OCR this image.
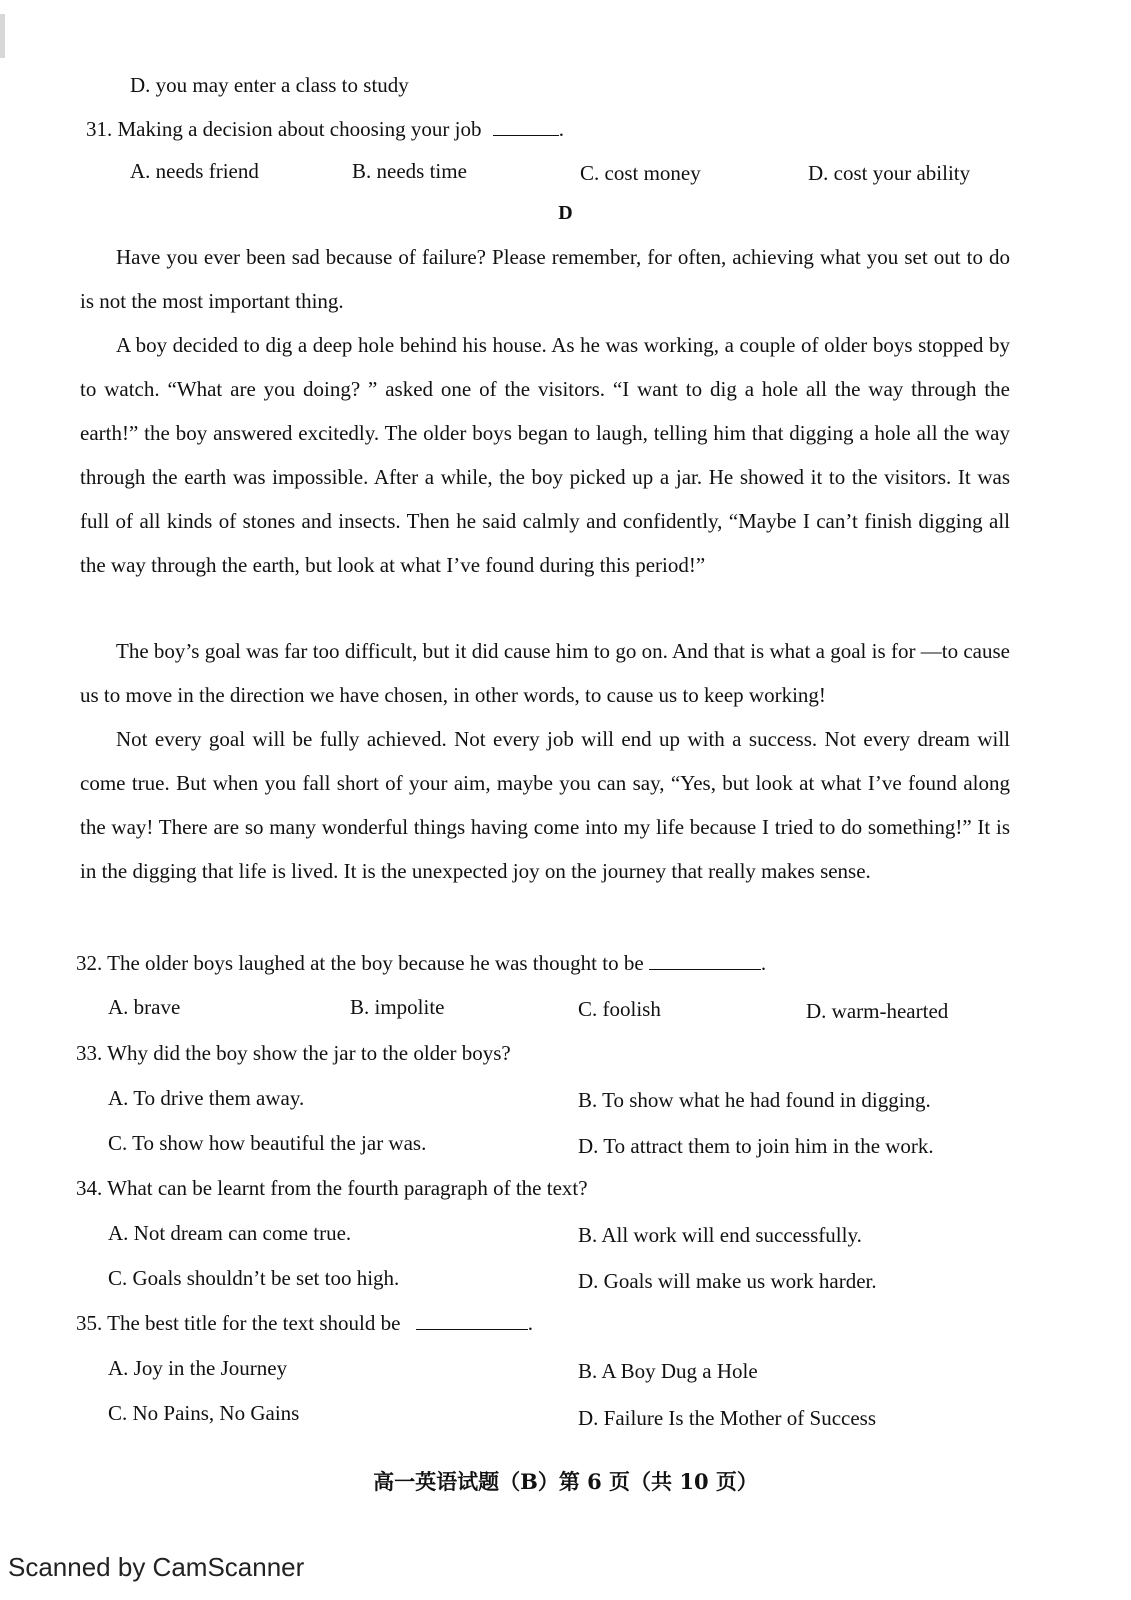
D. you may enter a class to study
31. Making a decision about choosing your job	.
A. needs friend	B. needs time	C. cost money	D. cost your ability
D
Have you ever been sad because of failure? Please remember, for often, achieving what you set out to do is not the most important thing.
A boy decided to dig a deep hole behind his house. As he was working, a couple of older boys stopped by to watch. “What are you doing? ” asked one of the visitors. “I want to dig a hole all the way through the earth!” the boy answered excitedly. The older boys began to laugh, telling him that digging a hole all the way through the earth was impossible. After a while, the boy picked up a jar. He showed it to the visitors. It was full of all kinds of stones and insects. Then he said calmly and confidently, “Maybe I can’t finish digging all the way through the earth, but look at what I’ve found during this period!”
The boy’s goal was far too difficult, but it did cause him to go on. And that is what a goal is for —to cause us to move in the direction we have chosen, in other words, to cause us to keep working!
Not every goal will be fully achieved. Not every job will end up with a success. Not every dream will come true. But when you fall short of your aim, maybe you can say, “Yes, but look at what I’ve found along the way! There are so many wonderful things having come into my life because I tried to do something!” It is in the digging that life is lived. It is the unexpected joy on the journey that really makes sense.
32. The older boys laughed at the boy because he was thought to be	.
A. brave	B. impolite	C. foolish	D. warm-hearted
33. Why did the boy show the jar to the older boys?
A. To drive them away.	B. To show what he had found in digging.
C. To show how beautiful the jar was.	D. To attract them to join him in the work.
34. What can be learnt from the fourth paragraph of the text?
A. Not dream can come true.	B. All work will end successfully.
C. Goals shouldn’t be set too high.	D. Goals will make us work harder.
35. The best title for the text should be	.
A. Joy in the Journey	B. A Boy Dug a Hole
C. No Pains, No Gains	D. Failure Is the Mother of Success
高一英语试题（B）第 6 页（共 10 页）
Scanned by CamScanner
